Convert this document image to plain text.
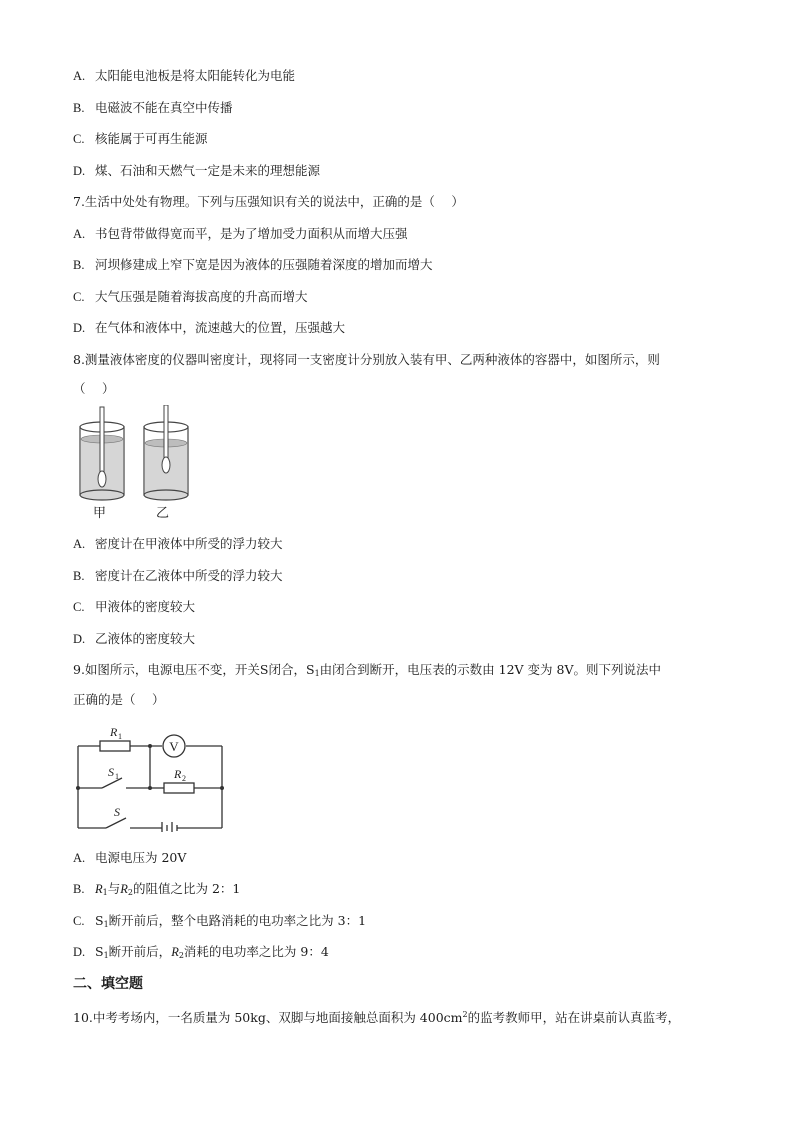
A. 太阳能电池板是将太阳能转化为电能
B. 电磁波不能在真空中传播
C. 核能属于可再生能源
D. 煤、石油和天燃气一定是未来的理想能源
7.生活中处处有物理。下列与压强知识有关的说法中，正确的是（　 ）
A. 书包背带做得宽而平，是为了增加受力面积从而增大压强
B. 河坝修建成上窄下宽是因为液体的压强随着深度的增加而增大
C. 大气压强是随着海拔高度的升高而增大
D. 在气体和液体中，流速越大的位置，压强越大
8.测量液体密度的仪器叫密度计，现将同一支密度计分别放入装有甲、乙两种液体的容器中，如图所示，则
（　 ）
甲	乙
A. 密度计在甲液体中所受的浮力较大
B. 密度计在乙液体中所受的浮力较大
C. 甲液体的密度较大
D. 乙液体的密度较大
9.如图所示，电源电压不变，开关S闭合，$S_1$由闭合到断开，电压表的示数由 12V 变为 8V。则下列说法中
正确的是（　 ）
V
R 1
R 2
S 1
S
A. 电源电压为 20V
B. $R_1$与$R_2$的阻值之比为 2：1
C. $S_1$断开前后，整个电路消耗的电功率之比为 3：1
D. $S_1$断开前后，$R_2$消耗的电功率之比为 9：4
二、填空题
10.中考考场内，一名质量为 50kg、双脚与地面接触总面积为 $400cm^2$的监考教师甲，站在讲桌前认真监考，
